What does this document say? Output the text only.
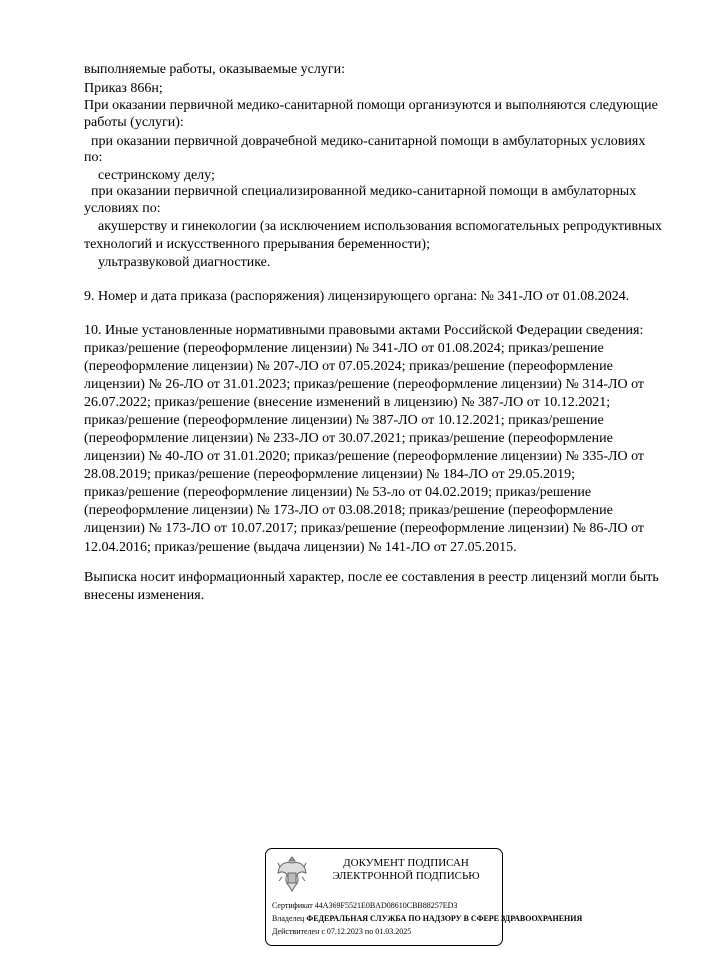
выполняемые работы, оказываемые услуги:
Приказ 866н;
При оказании первичной медико-санитарной помощи организуются и выполняются следующие
работы (услуги):
при оказании первичной доврачебной медико-санитарной помощи в амбулаторных условиях
по:
сестринскому делу;
при оказании первичной специализированной медико-санитарной помощи в амбулаторных
условиях по:
акушерству и гинекологии (за исключением использования вспомогательных репродуктивных
технологий и искусственного прерывания беременности);
ультразвуковой диагностике.
9. Номер и дата приказа (распоряжения) лицензирующего органа: № 341-ЛО от 01.08.2024.
10. Иные установленные нормативными правовыми актами Российской Федерации сведения:
приказ/решение (переоформление лицензии) № 341-ЛО от 01.08.2024; приказ/решение
(переоформление лицензии) № 207-ЛО от 07.05.2024; приказ/решение (переоформление
лицензии) № 26-ЛО от 31.01.2023; приказ/решение (переоформление лицензии) № 314-ЛО от
26.07.2022; приказ/решение (внесение изменений в лицензию) № 387-ЛО от 10.12.2021;
приказ/решение (переоформление лицензии) № 387-ЛО от 10.12.2021; приказ/решение
(переоформление лицензии) № 233-ЛО от 30.07.2021; приказ/решение (переоформление
лицензии) № 40-ЛО от 31.01.2020; приказ/решение (переоформление лицензии) № 335-ЛО от
28.08.2019; приказ/решение (переоформление лицензии) № 184-ЛО от 29.05.2019;
приказ/решение (переоформление лицензии) № 53-ло от 04.02.2019; приказ/решение
(переоформление лицензии) № 173-ЛО от 03.08.2018; приказ/решение (переоформление
лицензии) № 173-ЛО от 10.07.2017; приказ/решение (переоформление лицензии) № 86-ЛО от
12.04.2016; приказ/решение (выдача лицензии) № 141-ЛО от 27.05.2015.
Выписка носит информационный характер, после ее составления в реестр лицензий могли быть
внесены изменения.
ДОКУМЕНТ ПОДПИСАН
ЭЛЕКТРОННОЙ ПОДПИСЬЮ
Сертификат 44A369F5521E0BAD08610CBB88257ED3
Владелец ФЕДЕРАЛЬНАЯ СЛУЖБА ПО НАДЗОРУ В СФЕРЕ ЗДРАВООХРАНЕНИЯ
Действителен с 07.12.2023 по 01.03.2025
